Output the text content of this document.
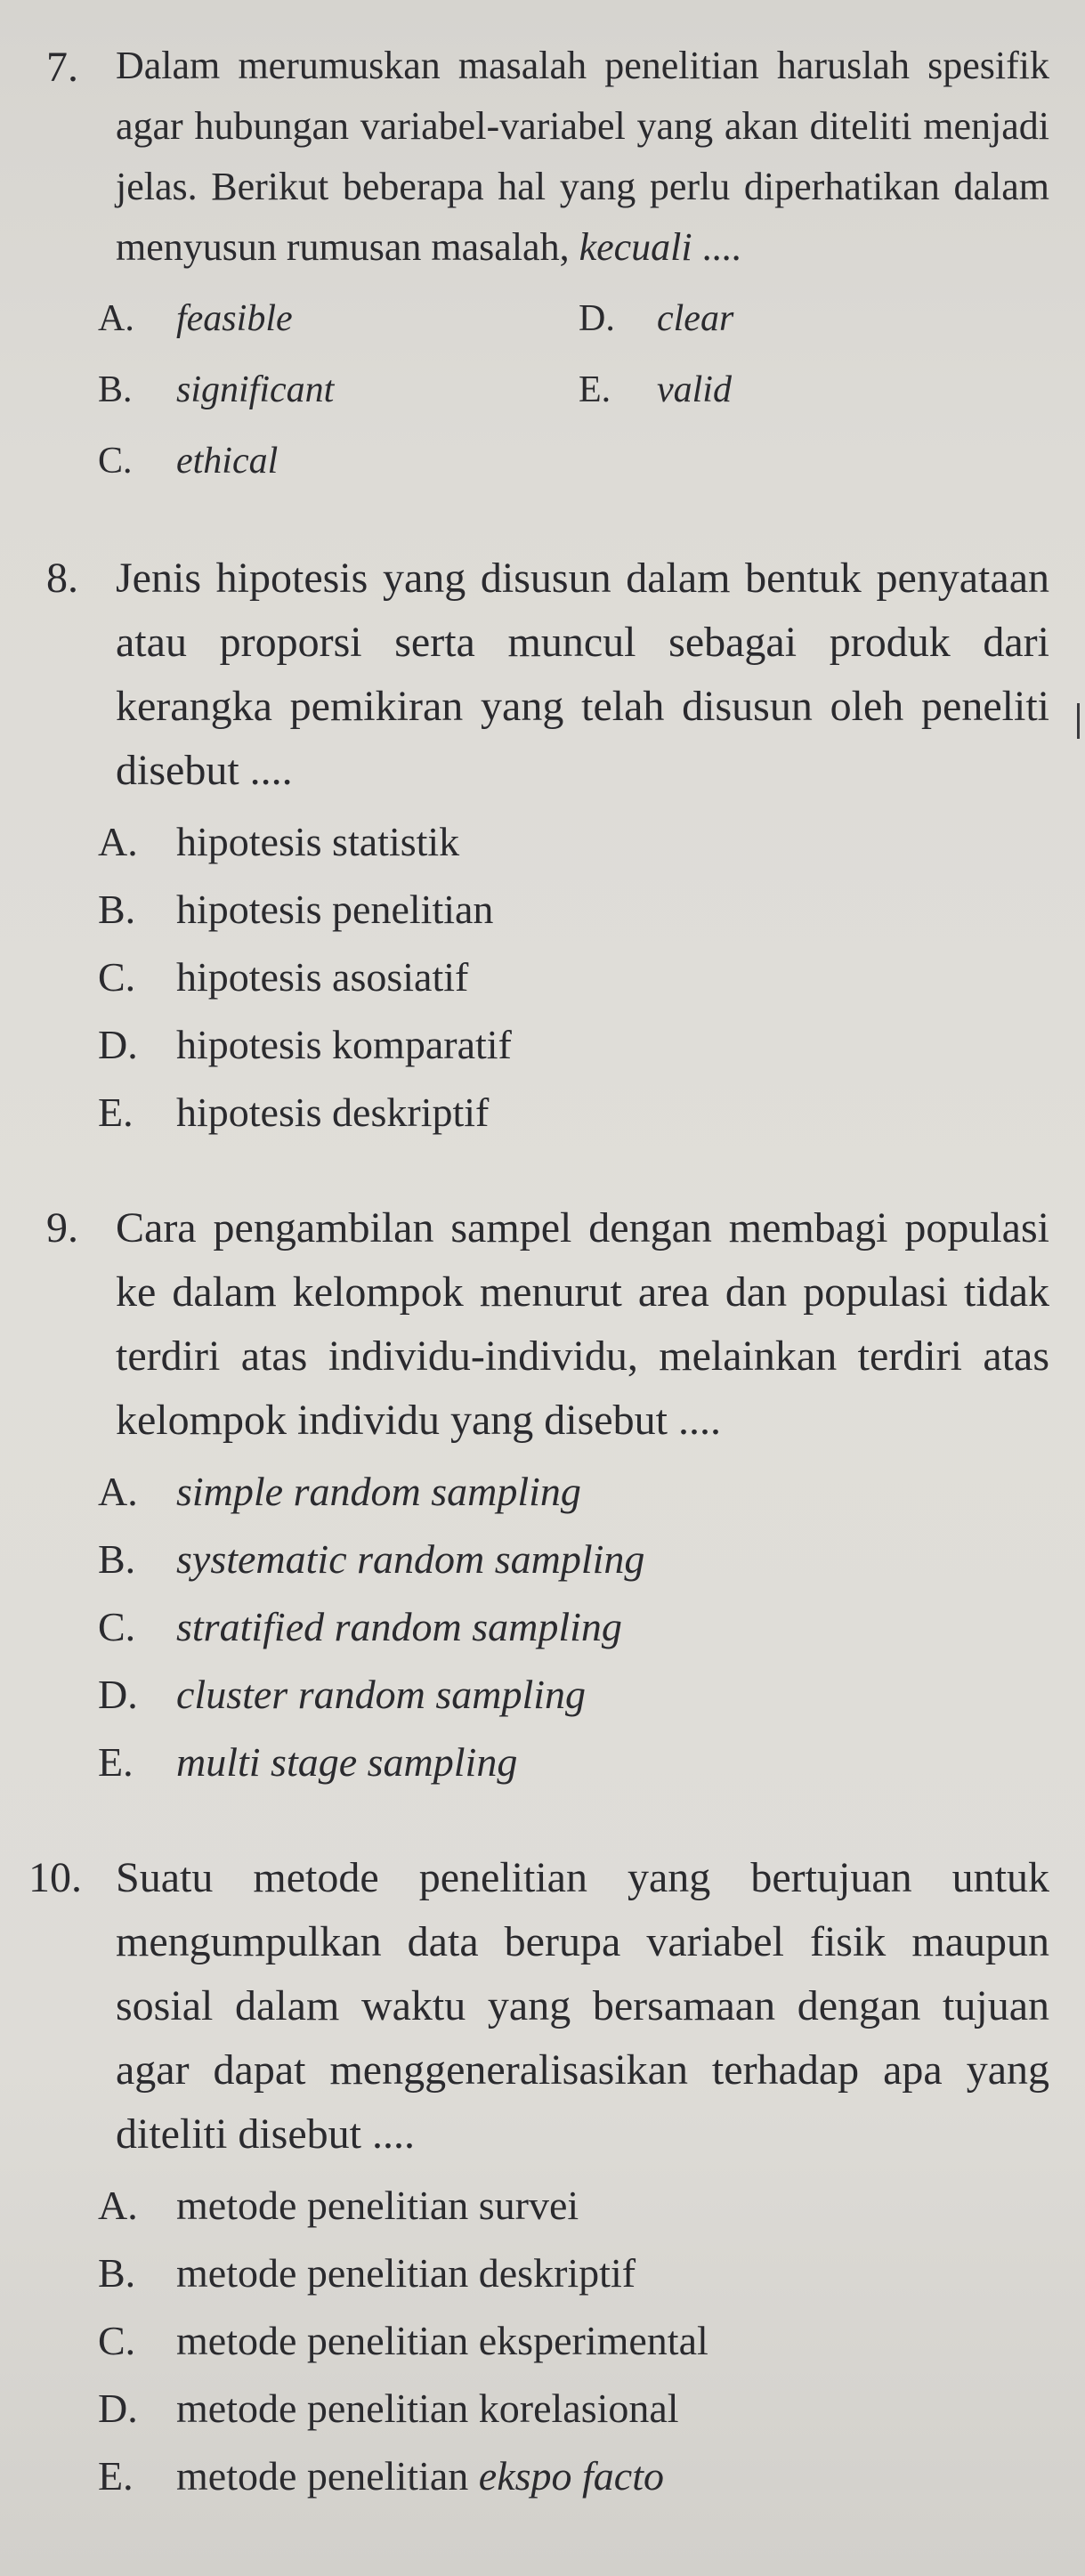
7. Dalam merumuskan masalah penelitian haruslah spesifik agar hubungan variabel-variabel yang akan diteliti menjadi jelas. Berikut beberapa hal yang perlu diperhatikan dalam menyusun rumusan masalah, kecuali ....
A.	feasible	D.	clear
B.	significant	E.	valid
C.	ethical
8. Jenis hipotesis yang disusun dalam bentuk penyataan atau proporsi serta muncul sebagai produk dari kerangka pemikiran yang telah disusun oleh peneliti disebut ....
A. hipotesis statistik
B. hipotesis penelitian
C. hipotesis asosiatif
D. hipotesis komparatif
E.	hipotesis deskriptif
9. Cara pengambilan sampel dengan membagi populasi ke dalam kelompok menurut area dan populasi tidak terdiri atas individu-individu, melainkan terdiri atas kelompok individu yang disebut ....
A. simple random sampling
B. systematic random sampling
C. stratified random sampling
D. cluster random sampling
E.	multi stage sampling
10. Suatu metode penelitian yang bertujuan untuk mengumpulkan data berupa variabel fisik maupun sosial dalam waktu yang bersamaan dengan tujuan agar dapat menggeneralisasikan terhadap apa yang diteliti disebut ....
A. metode penelitian survei
B. metode penelitian deskriptif
C. metode penelitian eksperimental
D. metode penelitian korelasional
E.	metode penelitian ekspo facto
